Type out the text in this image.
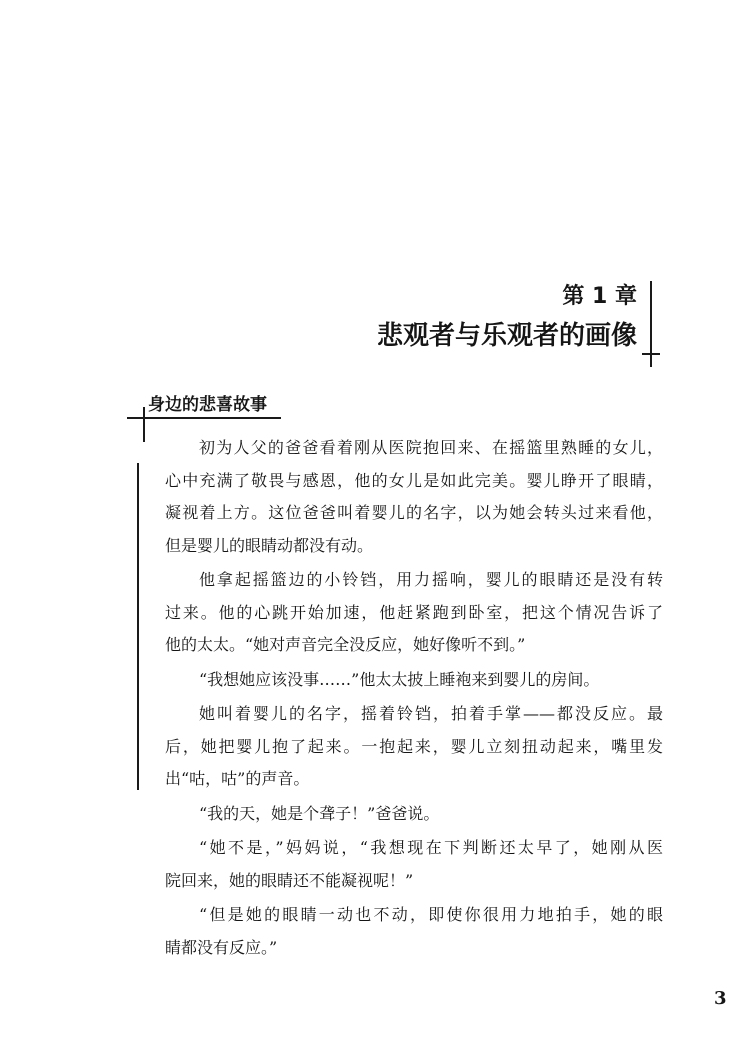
第 1 章
悲观者与乐观者的画像
身边的悲喜故事
初为人父的爸爸看着刚从医院抱回来、在摇篮里熟睡的女儿，
心中充满了敬畏与感恩，他的女儿是如此完美。婴儿睁开了眼睛，
凝视着上方。这位爸爸叫着婴儿的名字，以为她会转头过来看他，
但是婴儿的眼睛动都没有动。
他拿起摇篮边的小铃铛，用力摇响，婴儿的眼睛还是没有转
过来。他的心跳开始加速，他赶紧跑到卧室，把这个情况告诉了
他的太太。“她对声音完全没反应，她好像听不到。”
“我想她应该没事……”他太太披上睡袍来到婴儿的房间。
她叫着婴儿的名字，摇着铃铛，拍着手掌——都没反应。最
后，她把婴儿抱了起来。一抱起来，婴儿立刻扭动起来，嘴里发
出“咕，咕”的声音。
“我的天，她是个聋子！”爸爸说。
“她不是，”妈妈说，“我想现在下判断还太早了，她刚从医
院回来，她的眼睛还不能凝视呢！”
“但是她的眼睛一动也不动，即使你很用力地拍手，她的眼
睛都没有反应。”
3
